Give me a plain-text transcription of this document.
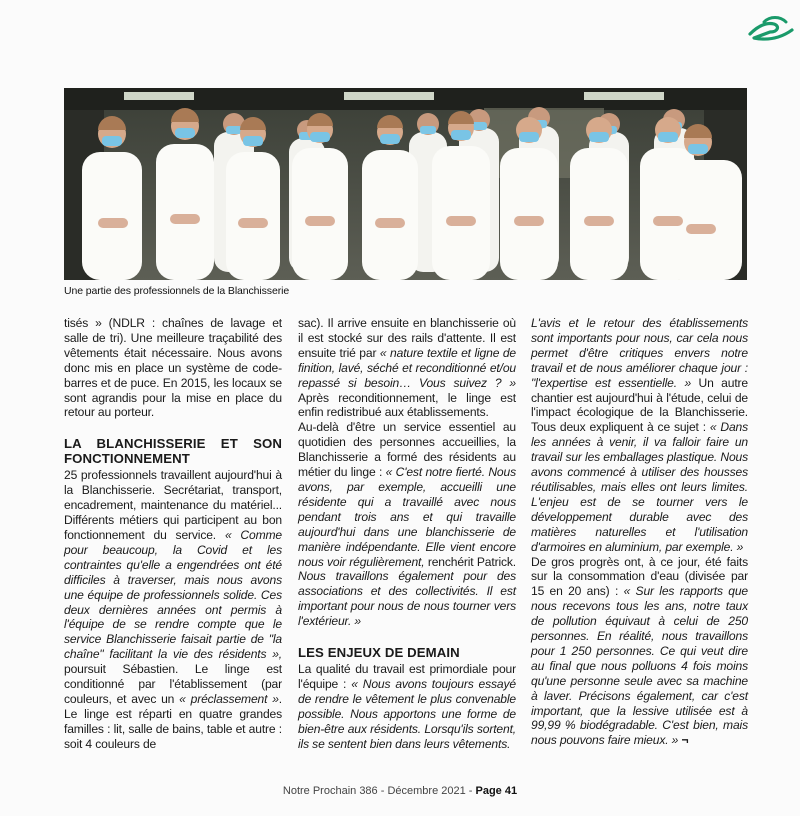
Une partie des professionnels de la Blanchisserie

tisés » (NDLR : chaînes de lavage et salle de tri). Une meilleure traçabilité des vêtements était nécessaire. Nous avons donc mis en place un système de code-barres et de puce. En 2015, les locaux se sont agrandis pour la mise en place du retour au porteur.

LA BLANCHISSERIE ET SON FONCTIONNEMENT

25 professionnels travaillent aujourd'hui à la Blanchisserie. Secrétariat, transport, encadrement, maintenance du matériel... Différents métiers qui participent au bon fonctionnement du service. « Comme pour beaucoup, la Covid et les contraintes qu'elle a engendrées ont été difficiles à traverser, mais nous avons une équipe de professionnels solide. Ces deux dernières années ont permis à l'équipe de se rendre compte que le service Blanchisserie faisait partie de "la chaîne" facilitant la vie des résidents », poursuit Sébastien. Le linge est conditionné par l'établissement (par couleurs, et avec un « préclassement ». Le linge est réparti en quatre grandes familles : lit, salle de bains, table et autre : soit 4 couleurs de

sac). Il arrive ensuite en blanchisserie où il est stocké sur des rails d'attente. Il est ensuite trié par « nature textile et ligne de finition, lavé, séché et reconditionné et/ou repassé si besoin… Vous suivez ? » Après reconditionnement, le linge est enfin redistribué aux établissements.

Au-delà d'être un service essentiel au quotidien des personnes accueillies, la Blanchisserie a formé des résidents au métier du linge : « C'est notre fierté. Nous avons, par exemple, accueilli une résidente qui a travaillé avec nous pendant trois ans et qui travaille aujourd'hui dans une blanchisserie de manière indépendante. Elle vient encore nous voir régulièrement, renchérit Patrick. Nous travaillons également pour des associations et des collectivités. Il est important pour nous de nous tourner vers l'extérieur. »

LES ENJEUX DE DEMAIN

La qualité du travail est primordiale pour l'équipe : « Nous avons toujours essayé de rendre le vêtement le plus convenable possible. Nous apportons une forme de bien-être aux résidents. Lorsqu'ils sortent, ils se sentent bien dans leurs vêtements.

L'avis et le retour des établissements sont importants pour nous, car cela nous permet d'être critiques envers notre travail et de nous améliorer chaque jour : "l'expertise est essentielle. » Un autre chantier est aujourd'hui à l'étude, celui de l'impact écologique de la Blanchisserie. Tous deux expliquent à ce sujet : « Dans les années à venir, il va falloir faire un travail sur les emballages plastique. Nous avons commencé à utiliser des housses réutilisables, mais elles ont leurs limites. L'enjeu est de se tourner vers le développement durable avec des matières naturelles et l'utilisation d'armoires en aluminium, par exemple. »

De gros progrès ont, à ce jour, été faits sur la consommation d'eau (divisée par 15 en 20 ans) : « Sur les rapports que nous recevons tous les ans, notre taux de pollution équivaut à celui de 250 personnes. En réalité, nous travaillons pour 1 250 personnes. Ce qui veut dire au final que nous polluons 4 fois moins qu'une personne seule avec sa machine à laver. Précisons également, car c'est important, que la lessive utilisée est à 99,99 % biodégradable. C'est bien, mais nous pouvons faire mieux. » ¬

Notre Prochain 386 - Décembre 2021 - Page 41
